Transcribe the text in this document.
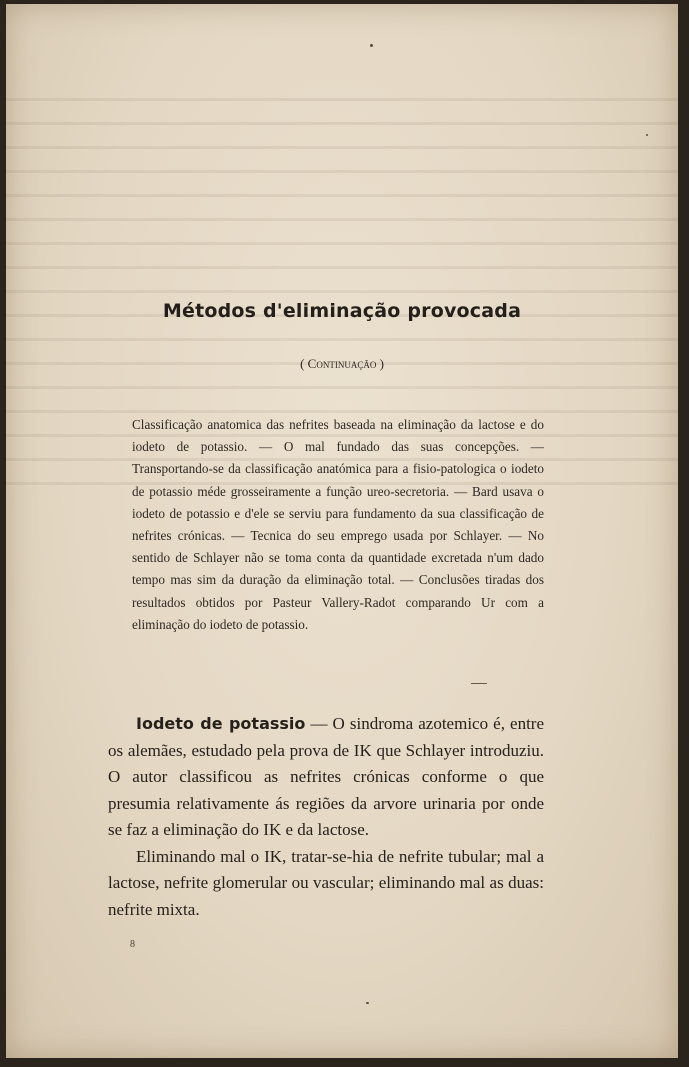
Métodos d'eliminação provocada
( Continuação )

Classificação anatomica das nefrites baseada na eliminação da lactose e do iodeto de potassio. — O mal fundado das suas concepções. — Transportando-se da classificação anatómica para a fisio-patologica o iodeto de potassio méde grosseiramente a função ureo-secretoria. — Bard usava o iodeto de potassio e d'ele se serviu para fundamento da sua classificação de nefrites crónicas. — Tecnica do seu emprego usada por Schlayer. — No sentido de Schlayer não se toma conta da quantidade excretada n'um dado tempo mas sim da duração da eliminação total. — Conclusões tiradas dos resultados obtidos por Pasteur Vallery-Radot comparando Ur com a eliminação do iodeto de potassio.

Iodeto de potassio — O sindroma azotemico é, entre os alemães, estudado pela prova de IK que Schlayer introduziu. O autor classificou as nefrites crónicas conforme o que presumia relativamente ás regiões da arvore urinaria por onde se faz a eliminação do IK e da lactose.

Eliminando mal o IK, tratar-se-hia de nefrite tubular; mal a lactose, nefrite glomerular ou vascular; eliminando mal as duas: nefrite mixta.

8
